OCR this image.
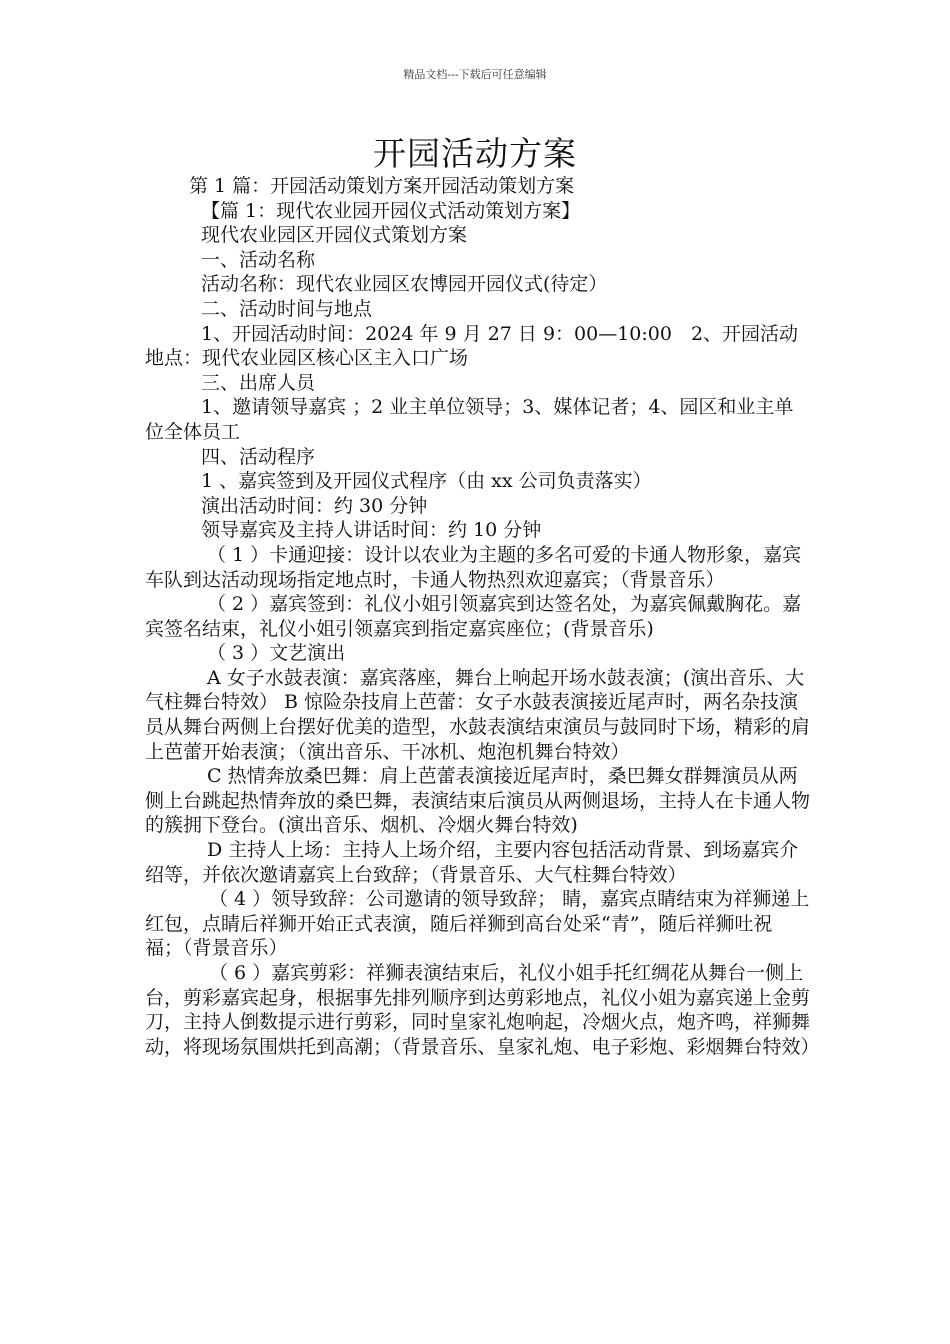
精品文档---下载后可任意编辑
开园活动方案

第 1 篇：开园活动策划方案开园活动策划方案

【篇 1：现代农业园开园仪式活动策划方案】

现代农业园区开园仪式策划方案

一、活动名称

活动名称：现代农业园区农博园开园仪式(待定）

二、活动时间与地点

1、开园活动时间：2024 年 9 月 27 日 9：00—10:00　2、开园活动地点：现代农业园区核心区主入口广场

三、出席人员

1、邀请领导嘉宾 ；2 业主单位领导；3、媒体记者；4、园区和业主单位全体员工

四、活动程序

1 、嘉宾签到及开园仪式程序（由 xx 公司负责落实）

演出活动时间：约 30 分钟

领导嘉宾及主持人讲话时间：约 10 分钟

（ 1 ）卡通迎接：设计以农业为主题的多名可爱的卡通人物形象，嘉宾车队到达活动现场指定地点时，卡通人物热烈欢迎嘉宾；（背景音乐）

（ 2 ）嘉宾签到：礼仪小姐引领嘉宾到达签名处，为嘉宾佩戴胸花。嘉宾签名结束，礼仪小姐引领嘉宾到指定嘉宾座位；(背景音乐)

（ 3 ）文艺演出

A 女子水鼓表演：嘉宾落座，舞台上响起开场水鼓表演；(演出音乐、大气柱舞台特效） B 惊险杂技肩上芭蕾：女子水鼓表演接近尾声时，两名杂技演员从舞台两侧上台摆好优美的造型，水鼓表演结束演员与鼓同时下场，精彩的肩上芭蕾开始表演；（演出音乐、干冰机、炮泡机舞台特效）

C 热情奔放桑巴舞：肩上芭蕾表演接近尾声时，桑巴舞女群舞演员从两侧上台跳起热情奔放的桑巴舞，表演结束后演员从两侧退场，主持人在卡通人物的簇拥下登台。(演出音乐、烟机、冷烟火舞台特效)

D 主持人上场：主持人上场介绍，主要内容包括活动背景、到场嘉宾介绍等，并依次邀请嘉宾上台致辞；（背景音乐、大气柱舞台特效）

（ 4 ）领导致辞：公司邀请的领导致辞； 睛，嘉宾点睛结束为祥狮递上红包，点睛后祥狮开始正式表演，随后祥狮到高台处采“青”，随后祥狮吐祝福；（背景音乐）

（ 6 ）嘉宾剪彩：祥狮表演结束后，礼仪小姐手托红绸花从舞台一侧上台，剪彩嘉宾起身，根据事先排列顺序到达剪彩地点，礼仪小姐为嘉宾递上金剪刀，主持人倒数提示进行剪彩，同时皇家礼炮响起，冷烟火点，炮齐鸣，祥狮舞动，将现场氛围烘托到高潮；（背景音乐、皇家礼炮、电子彩炮、彩烟舞台特效）
